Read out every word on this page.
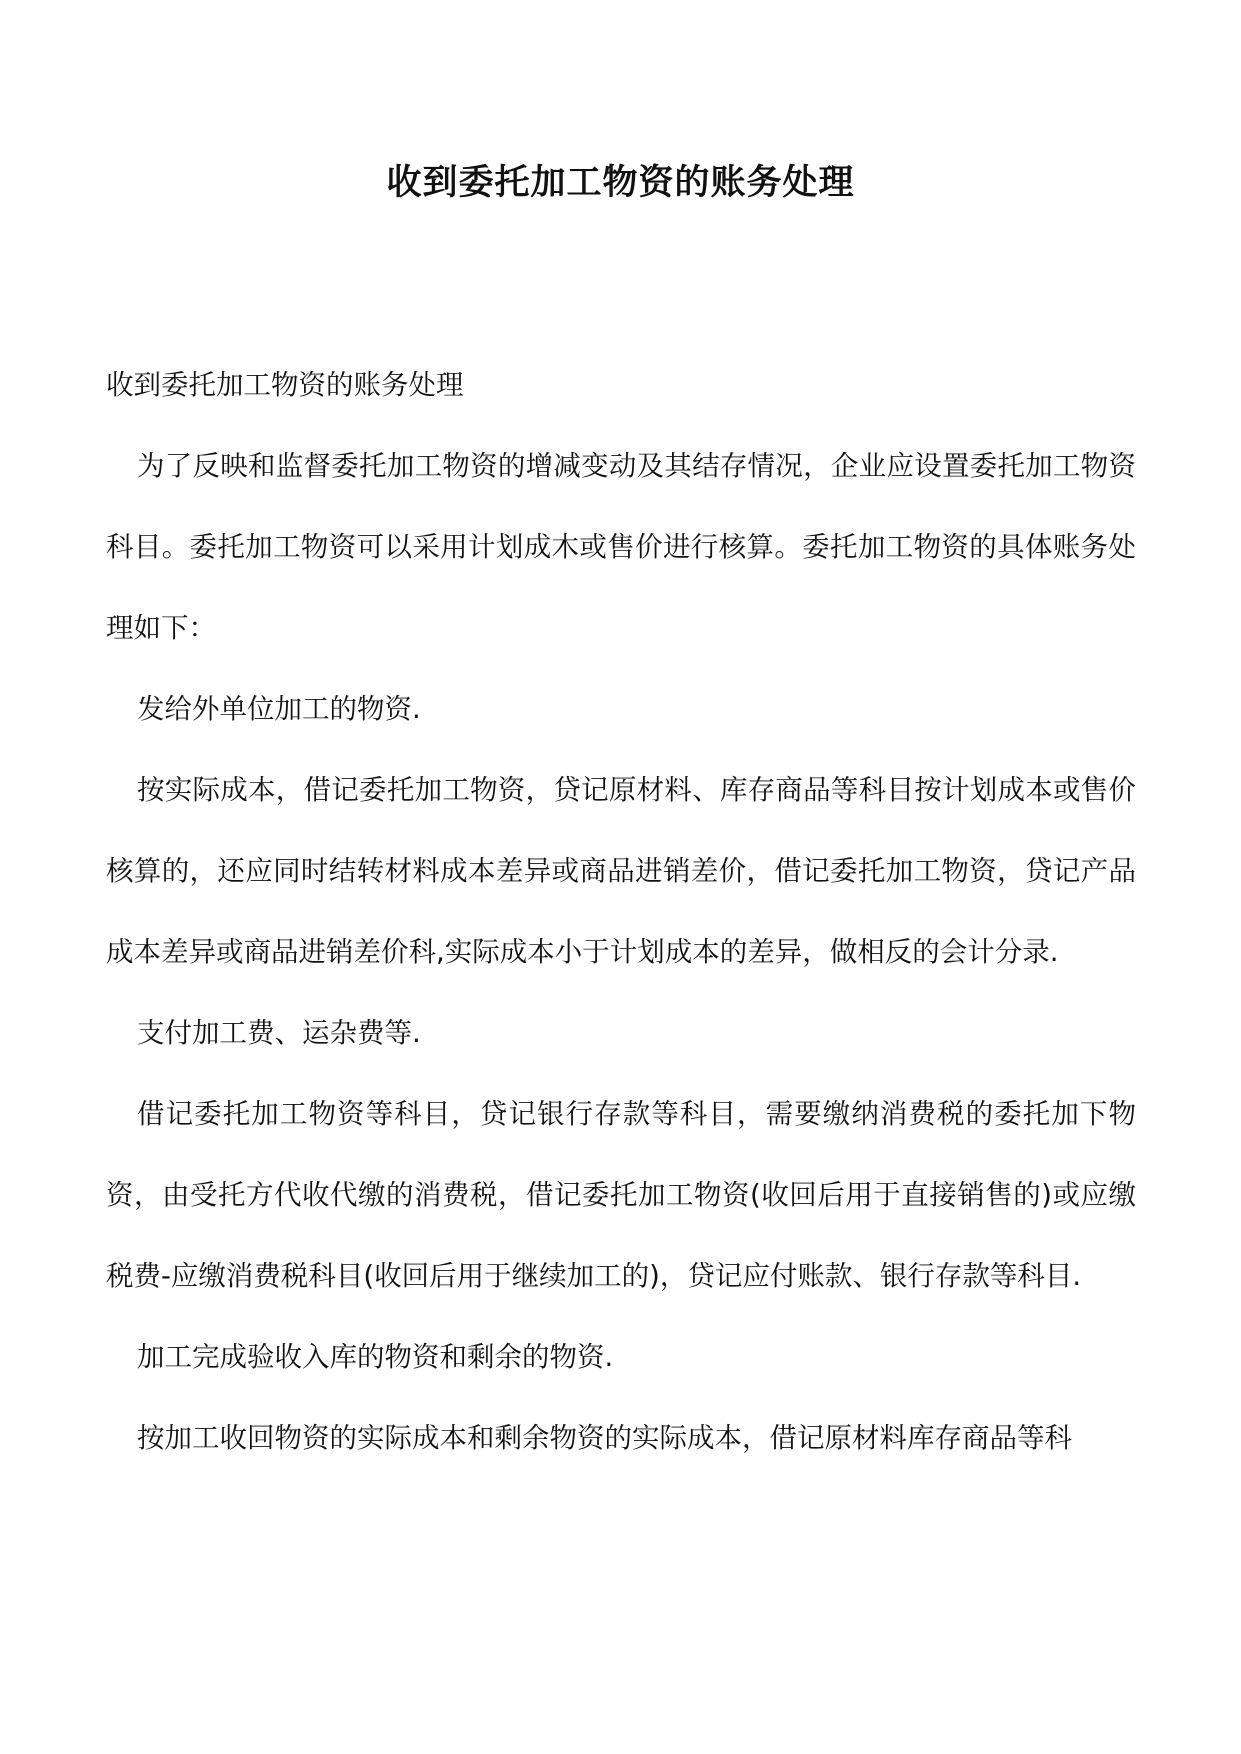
收到委托加工物资的账务处理

收到委托加工物资的账务处理

为了反映和监督委托加工物资的增减变动及其结存情况，企业应设置委托加工物资科目。委托加工物资可以采用计划成木或售价进行核算。委托加工物资的具体账务处理如下：

发给外单位加工的物资.

按实际成本，借记委托加工物资，贷记原材料、库存商品等科目按计划成本或售价核算的，还应同时结转材料成本差异或商品进销差价，借记委托加工物资，贷记产品成本差异或商品进销差价科,实际成本小于计划成本的差异，做相反的会计分录.

支付加工费、运杂费等.

借记委托加工物资等科目，贷记银行存款等科目，需要缴纳消费税的委托加下物资，由受托方代收代缴的消费税，借记委托加工物资(收回后用于直接销售的)或应缴税费-应缴消费税科目(收回后用于继续加工的)，贷记应付账款、银行存款等科目.

加工完成验收入库的物资和剩余的物资.

按加工收回物资的实际成本和剩余物资的实际成本，借记原材料库存商品等科
